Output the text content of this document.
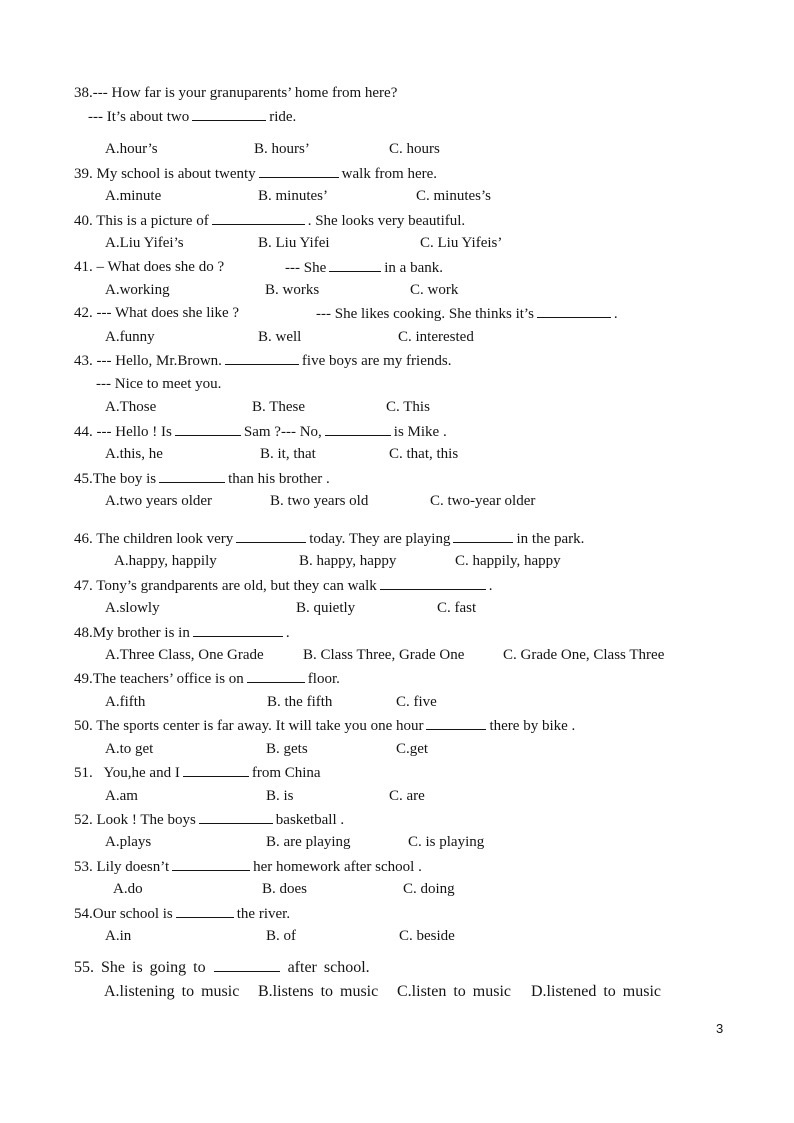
38.--- How far is your granuparents’ home from here?
--- It’s about two	ride.
A.hour’s	B. hours’	C. hours
39. My school is about twenty	walk from here.
A.minute	B. minutes’	C. minutes’s
40. This is a picture of	. She looks very beautiful.
A.Liu Yifei’s	B. Liu Yifei	C. Liu Yifeis’
41. – What does she do ?	--- She	in a bank.
A.working	B. works	C. work
42. --- What does she like ?	--- She likes cooking. She thinks it’s	.
A.funny	B. well	C. interested
43. --- Hello, Mr.Brown.	five boys are my friends.
--- Nice to meet you.
A.Those	B. These	C. This
44. --- Hello ! Is	Sam ?--- No,	is Mike .
A.this, he	B. it, that	C. that, this
45.The boy is	than his brother .
A.two years older	B. two years old	C. two-year older
46. The children look very	today. They are playing	in the park.
A.happy, happily	B. happy, happy	C. happily, happy
47. Tony’s grandparents are old, but they can walk	.
A.slowly	B. quietly	C. fast
48.My brother is in	.
A.Three Class, One Grade	B. Class Three, Grade One	C. Grade One, Class Three
49.The teachers’ office is on	floor.
A.fifth	B. the fifth	C. five
50. The sports center is far away. It will take you one hour	there by bike .
A.to get	B. gets	C.get
51.   You,he and I	from China
A.am	B. is	C. are
52. Look ! The boys	basketball .
A.plays	B. are playing	C. is playing
53. Lily doesn’t	her homework after school .
A.do	B. does	C. doing
54.Our school is	the river.
A.in	B. of	C. beside
55. She is going to	after school.
A.listening to music B.listens to music C.listen to music D.listened to music
3
